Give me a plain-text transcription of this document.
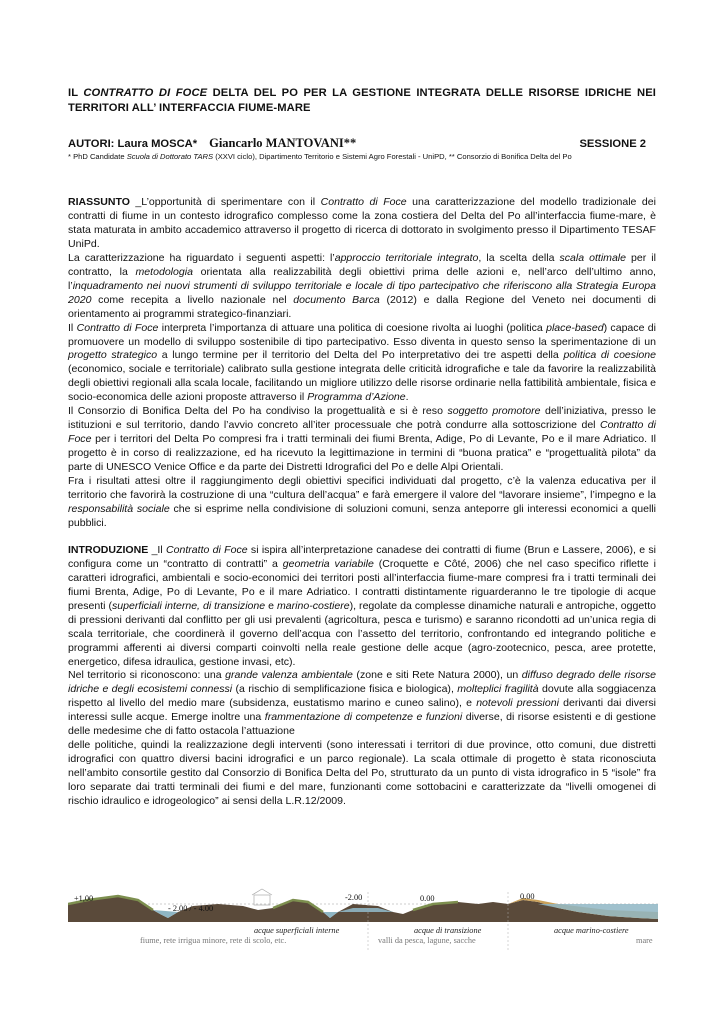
IL CONTRATTO DI FOCE DELTA DEL PO PER LA GESTIONE INTEGRATA DELLE RISORSE IDRICHE NEI TERRITORI ALL’ INTERFACCIA FIUME-MARE
AUTORI: Laura MOSCA* Giancarlo MANTOVANI**	SESSIONE 2
* PhD Candidate Scuola di Dottorato TARS (XXVI ciclo), Dipartimento Territorio e Sistemi Agro Forestali - UniPD, ** Consorzio di Bonifica Delta del Po

RIASSUNTO _L’opportunità di sperimentare con il Contratto di Foce una caratterizzazione del modello tradizionale dei contratti di fiume in un contesto idrografico complesso come la zona costiera del Delta del Po all’interfaccia fiume-mare, è stata maturata in ambito accademico attraverso il progetto di ricerca di dottorato in svolgimento presso il Dipartimento TESAF UniPd.

La caratterizzazione ha riguardato i seguenti aspetti: l’approccio territoriale integrato, la scelta della scala ottimale per il contratto, la metodologia orientata alla realizzabilità degli obiettivi prima delle azioni e, nell’arco dell’ultimo anno, l’inquadramento nei nuovi strumenti di sviluppo territoriale e locale di tipo partecipativo che riferiscono alla Strategia Europa 2020 come recepita a livello nazionale nel documento Barca (2012) e dalla Regione del Veneto nei documenti di orientamento ai programmi strategico-finanziari.

Il Contratto di Foce interpreta l’importanza di attuare una politica di coesione rivolta ai luoghi (politica place-based) capace di promuovere un modello di sviluppo sostenibile di tipo partecipativo. Esso diventa in questo senso la sperimentazione di un progetto strategico a lungo termine per il territorio del Delta del Po interpretativo dei tre aspetti della politica di coesione (economico, sociale e territoriale) calibrato sulla gestione integrata delle criticità idrografiche e tale da favorire la realizzabilità degli obiettivi regionali alla scala locale, facilitando un migliore utilizzo delle risorse ordinarie nella fattibilità ambientale, fisica e socio-economica delle azioni proposte attraverso il Programma d’Azione.

Il Consorzio di Bonifica Delta del Po ha condiviso la progettualità e si è reso soggetto promotore dell’iniziativa, presso le istituzioni e sul territorio, dando l’avvio concreto all’iter processuale che potrà condurre alla sottoscrizione del Contratto di Foce per i territori del Delta Po compresi fra i tratti terminali dei fiumi Brenta, Adige, Po di Levante, Po e il mare Adriatico. Il progetto è in corso di realizzazione, ed ha ricevuto la legittimazione in termini di “buona pratica” e “progettualità pilota” da parte di UNESCO Venice Office e da parte dei Distretti Idrografici del Po e delle Alpi Orientali.

Fra i risultati attesi oltre il raggiungimento degli obiettivi specifici individuati dal progetto, c’è la valenza educativa per il territorio che favorirà la costruzione di una “cultura dell’acqua” e farà emergere il valore del “lavorare insieme”, l’impegno e la responsabilità sociale che si esprime nella condivisione di soluzioni comuni, senza anteporre gli interessi economici a quelli pubblici.

INTRODUZIONE _Il Contratto di Foce si ispira all’interpretazione canadese dei contratti di fiume (Brun e Lassere, 2006), e si configura come un “contratto di contratti” a geometria variabile (Croquette e Côté, 2006) che nel caso specifico riflette i caratteri idrografici, ambientali e socio-economici dei territori posti all’interfaccia fiume-mare compresi fra i tratti terminali dei fiumi Brenta, Adige, Po di Levante, Po e il mare Adriatico. I contratti distintamente riguarderanno le tre tipologie di acque presenti (superficiali interne, di transizione e marino-costiere), regolate da complesse dinamiche naturali e antropiche, oggetto di pressioni derivanti dal conflitto per gli usi prevalenti (agricoltura, pesca e turismo) e saranno ricondotti ad un’unica regia di scala territoriale, che coordinerà il governo dell’acqua con l’assetto del territorio, confrontando ed integrando politiche e programmi afferenti ai diversi comparti coinvolti nella reale gestione delle acque (agro-zootecnico, pesca, aree protette, energetico, difesa idraulica, gestione invasi, etc).

Nel territorio si riconoscono: una grande valenza ambientale (zone e siti Rete Natura 2000), un diffuso degrado delle risorse idriche e degli ecosistemi connessi (a rischio di semplificazione fisica e biologica), molteplici fragilità dovute alla soggiacenza rispetto al livello del medio mare (subsidenza, eustatismo marino e cuneo salino), e notevoli pressioni derivanti dai diversi interessi sulle acque. Emerge inoltre una frammentazione di competenze e funzioni diverse, di risorse esistenti e di gestione delle medesime che di fatto ostacola l’attuazione

delle politiche, quindi la realizzazione degli interventi (sono interessati i territori di due province, otto comuni, due distretti idrografici con quattro diversi bacini idrografici e un parco regionale). La scala ottimale di progetto è stata riconosciuta nell’ambito consortile gestito dal Consorzio di Bonifica Delta del Po, strutturato da un punto di vista idrografico in 5 “isole” fra loro separate dai tratti terminali dei fiumi e del mare, funzionanti come sottobacini e caratterizzate da “livelli omogenei di rischio idraulico e idrogeologico” ai sensi della L.R.12/2009.

+1,00
- 2.00 / - 4.00
-2.00	0.00	0.00
acque superficiali interne
fiume, rete irrigua minore, rete di scolo, etc.
acque di transizione
valli da pesca, lagune, sacche
acque marino-costiere
mare
